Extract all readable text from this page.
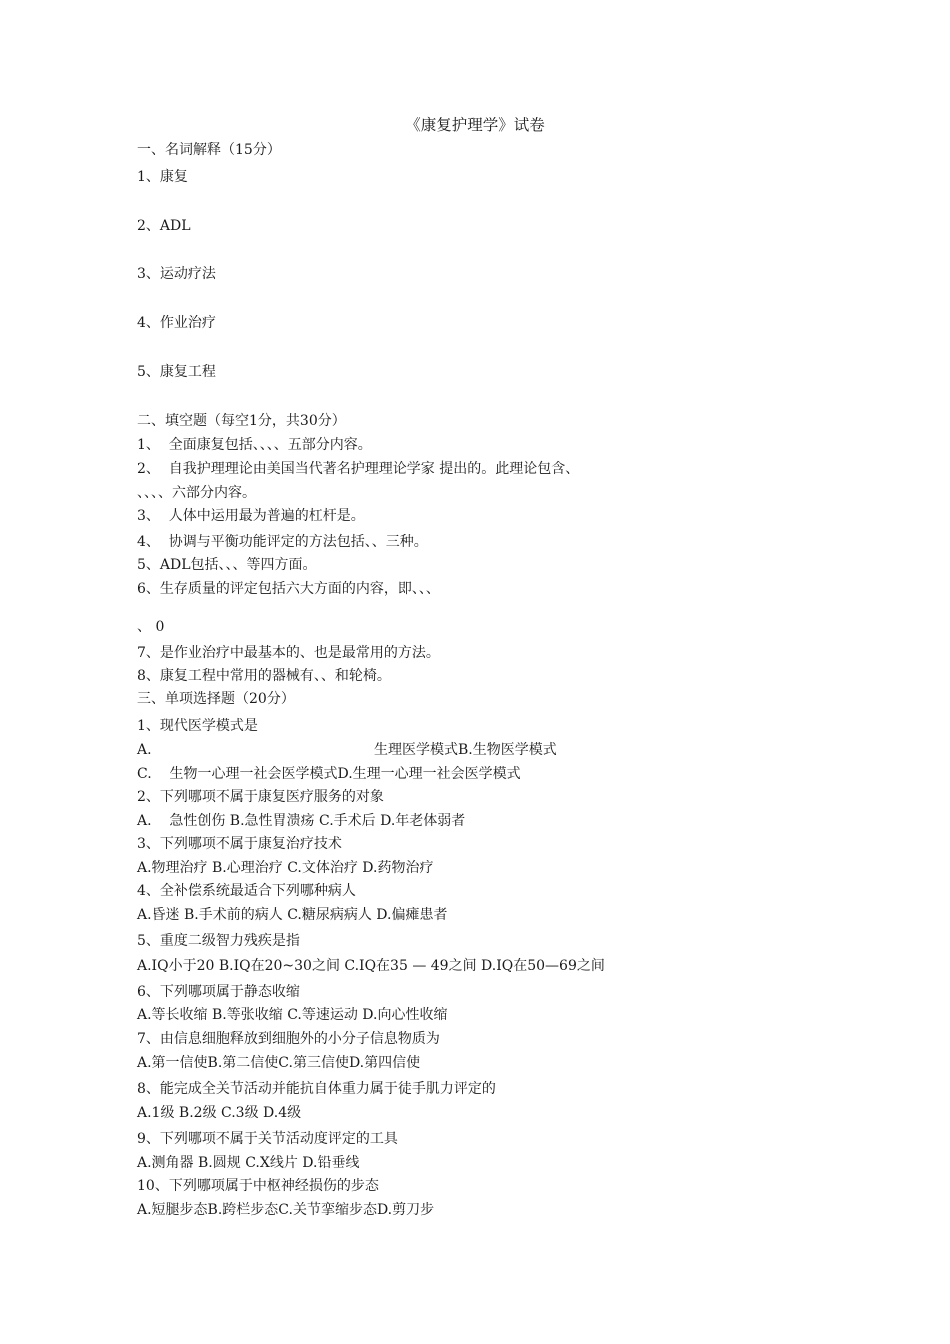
《康复护理学》试卷
一、名词解释（15分）
1、康复
2、ADL
3、运动疗法
4、作业治疗
5、康复工程
二、填空题（每空1分，共30分）
1、  全面康复包括、、、、五部分内容。
2、  自我护理理论由美国当代著名护理理论学家 提出的。此理论包含、
、、、、六部分内容。
3、  人体中运用最为普遍的杠杆是。
4、  协调与平衡功能评定的方法包括、、三种。
5、ADL包括、、、等四方面。
6、生存质量的评定包括六大方面的内容，即、、、
、 0
7、是作业治疗中最基本的、也是最常用的方法。
8、康复工程中常用的器械有、、和轮椅。
三、单项选择题（20分）
1、现代医学模式是
A.	生理医学模式B.生物医学模式
C.    生物一心理一社会医学模式D.生理一心理一社会医学模式
2、下列哪项不属于康复医疗服务的对象
A.    急性创伤 B.急性胃溃疡 C.手术后 D.年老体弱者
3、下列哪项不属于康复治疗技术
A.物理治疗 B.心理治疗 C.文体治疗 D.药物治疗
4、全补偿系统最适合下列哪种病人
A.昏迷 B.手术前的病人 C.糖尿病病人 D.偏瘫患者
5、重度二级智力残疾是指
A.IQ小于20 B.IQ在20~30之间 C.IQ在35 — 49之间 D.IQ在50—69之间
6、下列哪项属于静态收缩
A.等长收缩 B.等张收缩 C.等速运动 D.向心性收缩
7、由信息细胞释放到细胞外的小分子信息物质为
A.第一信使B.第二信使C.第三信使D.第四信使
8、能完成全关节活动并能抗自体重力属于徒手肌力评定的
A.1级 B.2级 C.3级 D.4级
9、下列哪项不属于关节活动度评定的工具
A.测角器 B.圆规 C.X线片 D.铅垂线
10、下列哪项属于中枢神经损伤的步态
A.短腿步态B.跨栏步态C.关节挛缩步态D.剪刀步
